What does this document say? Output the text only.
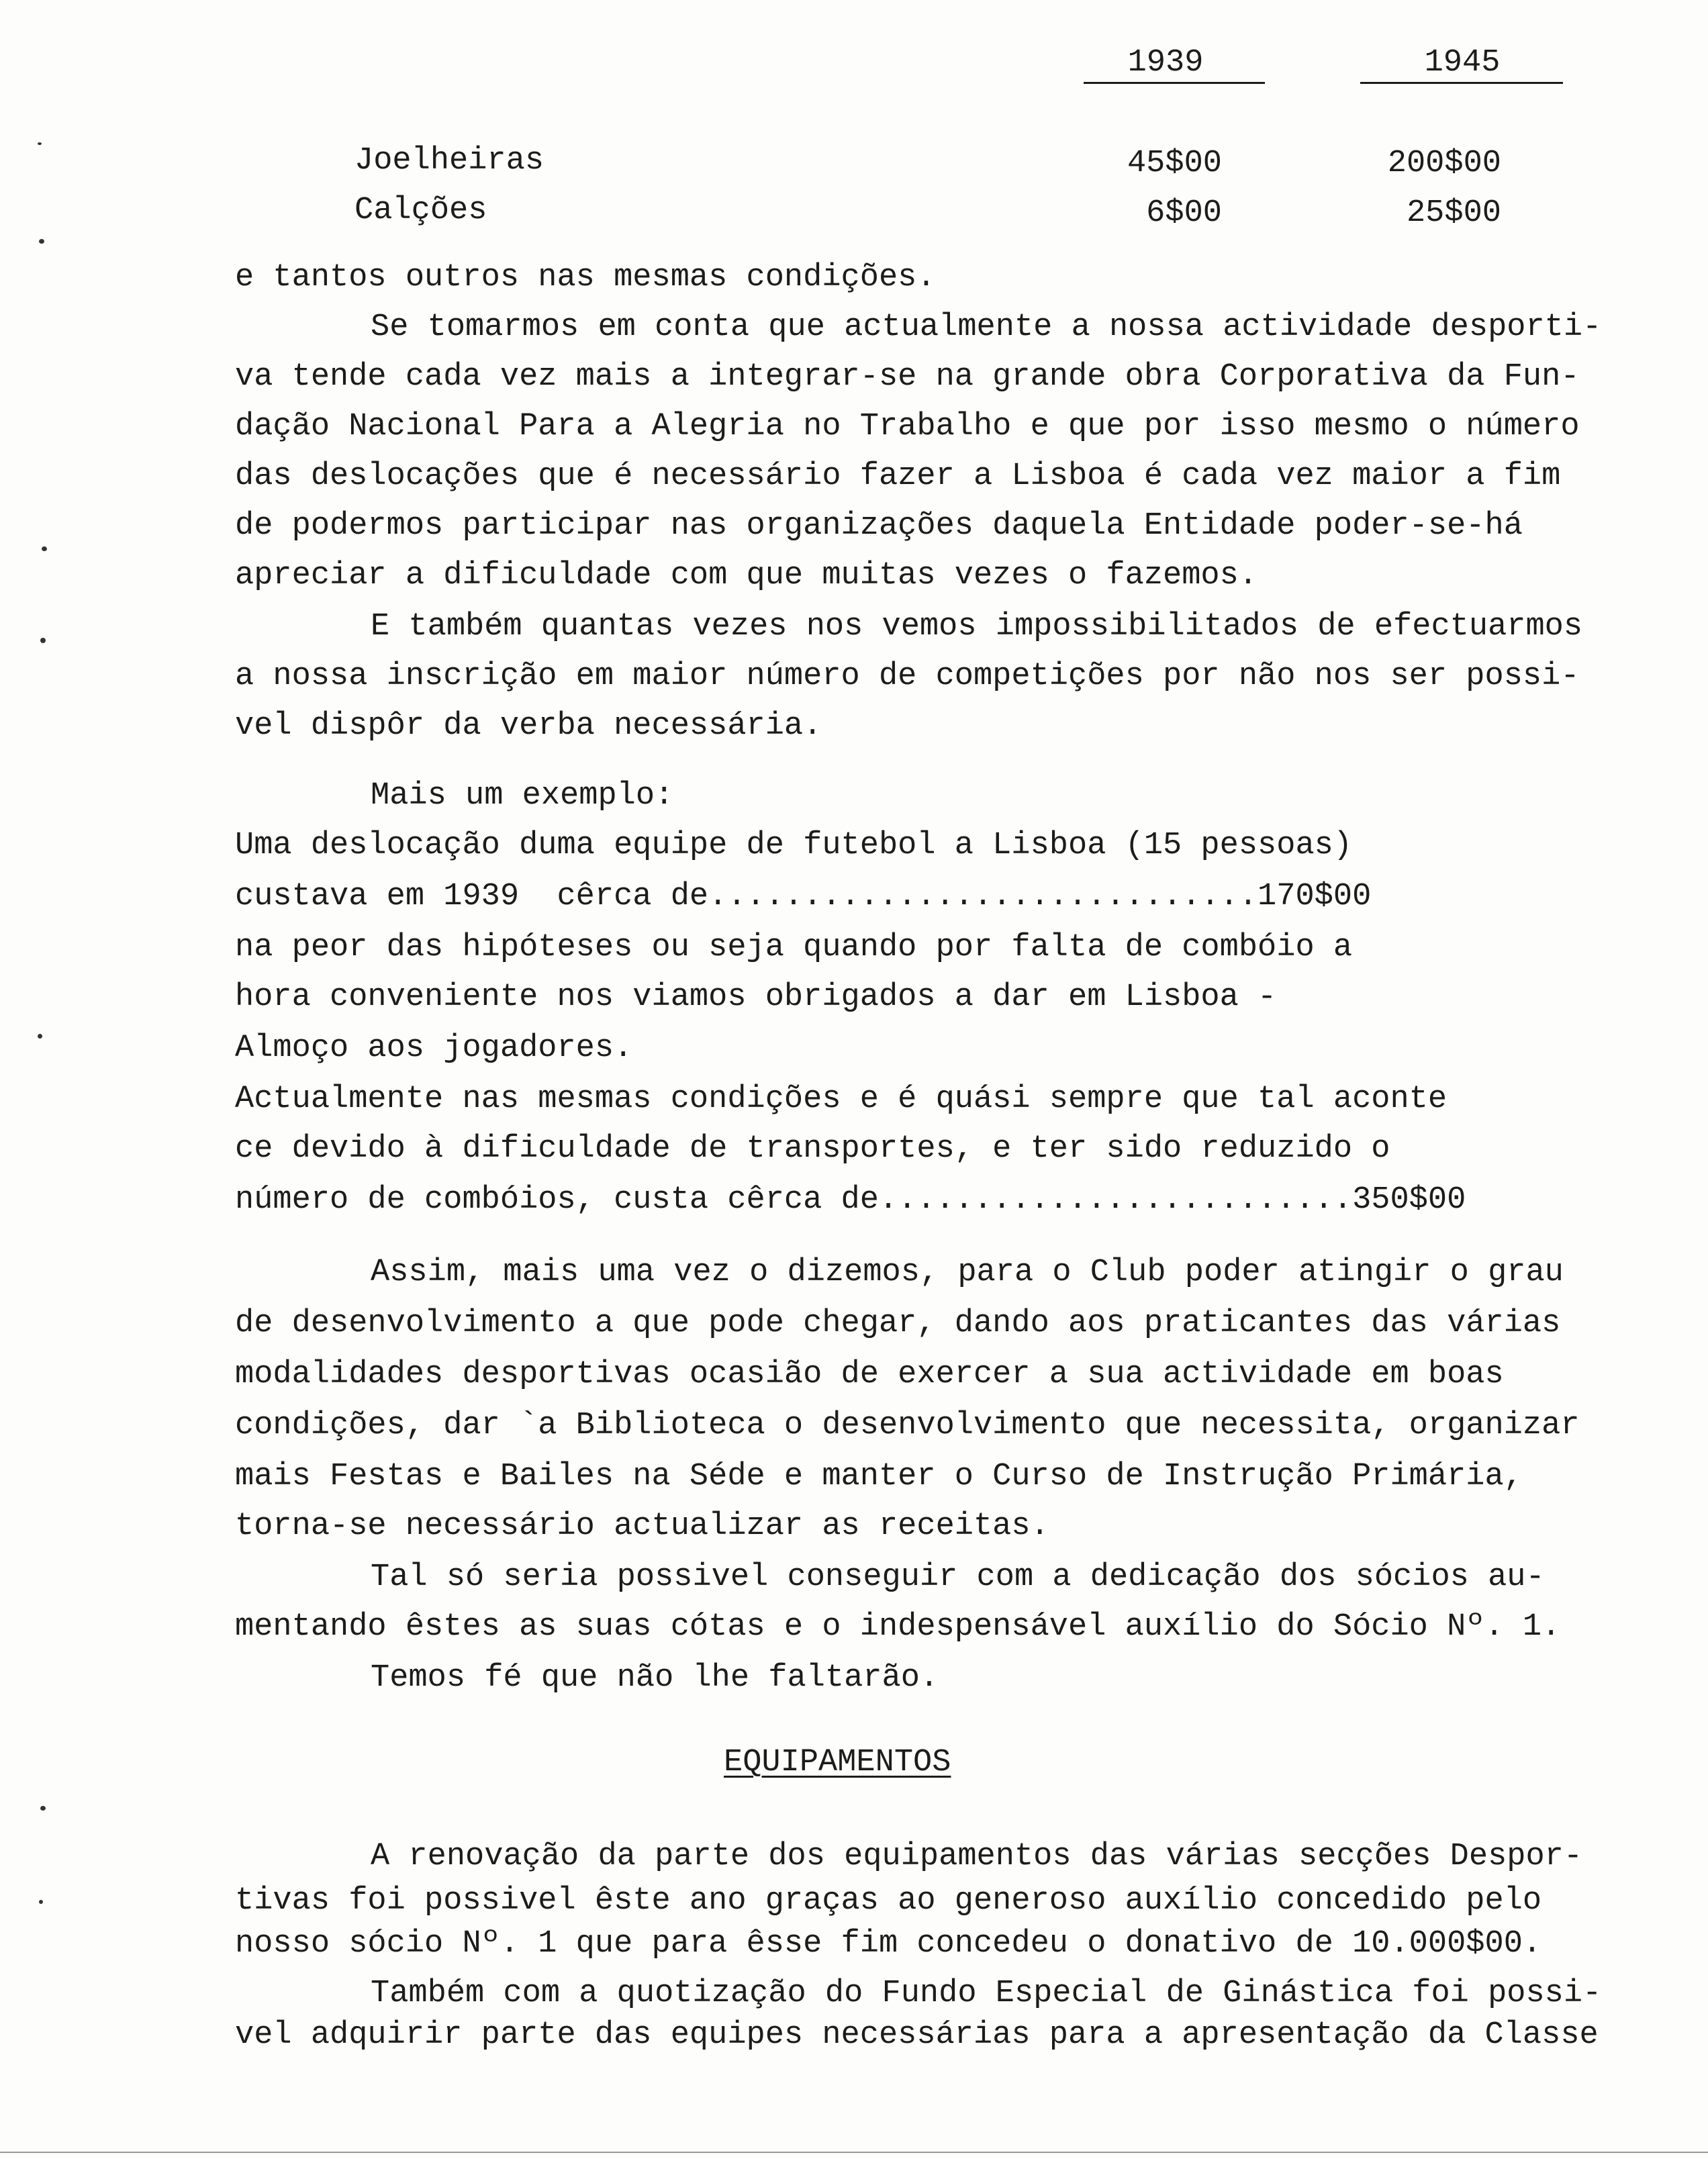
1939	1945
Joelheiras	45$00	200$00
Calções	6$00	25$00
e tantos outros nas mesmas condições.
Se tomarmos em conta que actualmente a nossa actividade desporti-
va tende cada vez mais a integrar-se na grande obra Corporativa da Fun-
dação Nacional Para a Alegria no Trabalho e que por isso mesmo o número
das deslocações que é necessário fazer a Lisboa é cada vez maior a fim
de podermos participar nas organizações daquela Entidade poder-se-há
apreciar a dificuldade com que muitas vezes o fazemos.
E também quantas vezes nos vemos impossibilitados de efectuarmos
a nossa inscrição em maior número de competições por não nos ser possi-
vel dispôr da verba necessária.
Mais um exemplo:
Uma deslocação duma equipe de futebol a Lisboa (15 pessoas)
custava em 1939  cêrca de.............................170$00
na peor das hipóteses ou seja quando por falta de combóio a
hora conveniente nos viamos obrigados a dar em Lisboa -
Almoço aos jogadores.
Actualmente nas mesmas condições e é quási sempre que tal aconte
ce devido à dificuldade de transportes, e ter sido reduzido o
número de combóios, custa cêrca de.........................350$00
Assim, mais uma vez o dizemos, para o Club poder atingir o grau
de desenvolvimento a que pode chegar, dando aos praticantes das várias
modalidades desportivas ocasião de exercer a sua actividade em boas
condições, dar `a Biblioteca o desenvolvimento que necessita, organizar
mais Festas e Bailes na Séde e manter o Curso de Instrução Primária,
torna-se necessário actualizar as receitas.
Tal só seria possivel conseguir com a dedicação dos sócios au-
mentando êstes as suas cótas e o indespensável auxílio do Sócio Nº. 1.
Temos fé que não lhe faltarão.
EQUIPAMENTOS
A renovação da parte dos equipamentos das várias secções Despor-
tivas foi possivel êste ano graças ao generoso auxílio concedido pelo
nosso sócio Nº. 1 que para êsse fim concedeu o donativo de 10.000$00.
Também com a quotização do Fundo Especial de Ginástica foi possi-
vel adquirir parte das equipes necessárias para a apresentação da Classe
